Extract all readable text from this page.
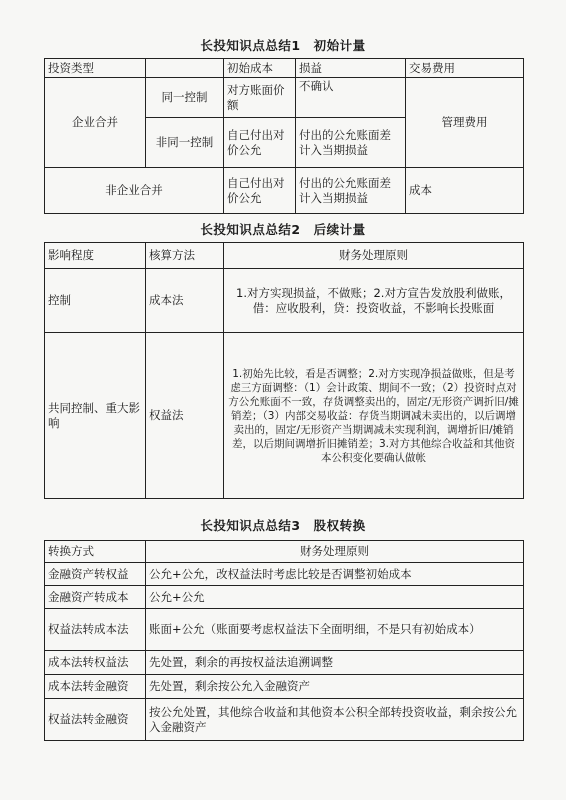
长投知识点总结1　初始计量
投资类型		初始成本	损益	交易费用
企业合并	同一控制	对方账面价额	不确认	管理费用
	非同一控制	自己付出对价公允	付出的公允账面差计入当期损益	
非企业合并		自己付出对价公允	付出的公允账面差计入当期损益	成本
长投知识点总结2　后续计量
影响程度	核算方法	财务处理原则
控制	成本法	1.对方实现损益，不做账；2.对方宣告发放股利做账，借：应收股利，贷：投资收益，不影响长投账面
共同控制、重大影响	权益法	1.初始先比较，看是否调整；2.对方实现净损益做账，但是考虑三方面调整：（1）会计政策、期间不一致；（2）投资时点对方公允账面不一致，存货调整卖出的，固定/无形资产调折旧/摊销差；（3）内部交易收益：存货当期调减未卖出的，以后调增卖出的，固定/无形资产当期调减未实现利润，调增折旧/摊销差，以后期间调增折旧摊销差；3.对方其他综合收益和其他资本公积变化要确认做帐
长投知识点总结3　股权转换
转换方式	财务处理原则
金融资产转权益	公允+公允，改权益法时考虑比较是否调整初始成本
金融资产转成本	公允+公允
权益法转成本法	账面+公允（账面要考虑权益法下全面明细，不是只有初始成本）
成本法转权益法	先处置，剩余的再按权益法追溯调整
成本法转金融资	先处置，剩余按公允入金融资产
权益法转金融资	按公允处置，其他综合收益和其他资本公积全部转投资收益，剩余按公允入金融资产
